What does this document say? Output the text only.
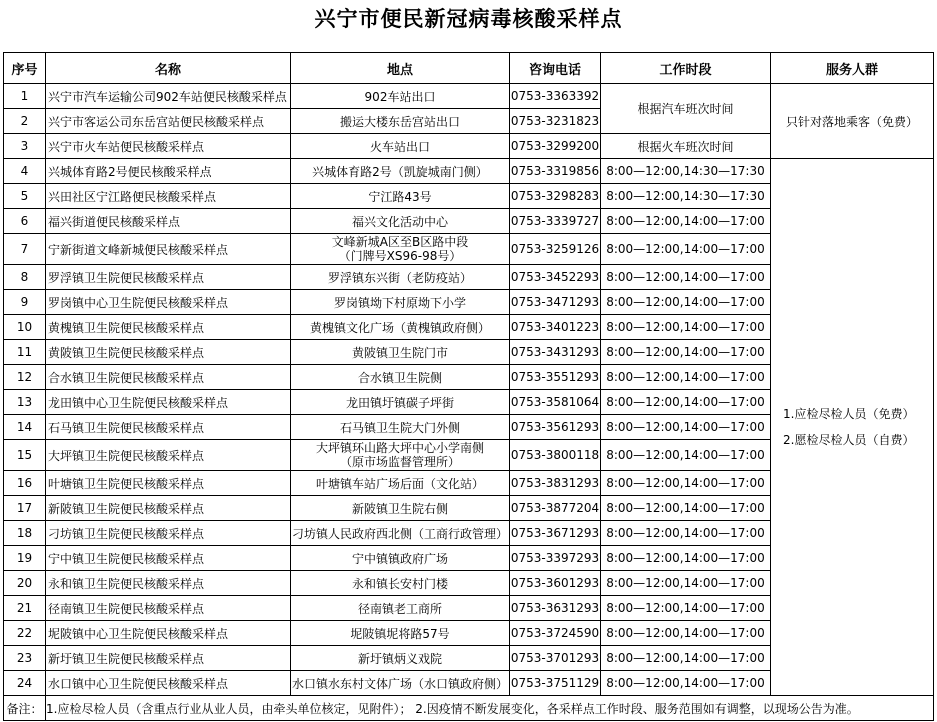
兴宁市便民新冠病毒核酸采样点
序号	名称	地点	咨询电话	工作时段	服务人群
1	兴宁市汽车运输公司902车站便民核酸采样点	902车站出口	0753-3363392	根据汽车班次时间	只针对落地乘客（免费）
2	兴宁市客运公司东岳宫站便民核酸采样点	搬运大楼东岳宫站出口	0753-3231823		
3	兴宁市火车站便民核酸采样点	火车站出口	0753-3299200	根据火车班次时间	
4	兴城体育路2号便民核酸采样点	兴城体育路2号（凯旋城南门侧）	0753-3319856	8:00—12:00,14:30—17:30	1.应检尽检人员（免费）
2.愿检尽检人员（自费）

5	兴田社区宁江路便民核酸采样点	宁江路43号	0753-3298283	8:00—12:00,14:30—17:30	
6	福兴街道便民核酸采样点	福兴文化活动中心	0753-3339727	8:00—12:00,14:00—17:00	
7	宁新街道文峰新城便民核酸采样点	文峰新城A区至B区路中段
（门牌号XS96-98号）	0753-3259126	8:00—12:00,14:00—17:00	
8	罗浮镇卫生院便民核酸采样点	罗浮镇东兴街（老防疫站）	0753-3452293	8:00—12:00,14:00—17:00	
9	罗岗镇中心卫生院便民核酸采样点	罗岗镇坳下村原坳下小学	0753-3471293	8:00—12:00,14:00—17:00	
10	黄槐镇卫生院便民核酸采样点	黄槐镇文化广场（黄槐镇政府侧）	0753-3401223	8:00—12:00,14:00—17:00	
11	黄陂镇卫生院便民核酸采样点	黄陂镇卫生院门市	0753-3431293	8:00—12:00,14:00—17:00	
12	合水镇卫生院便民核酸采样点	合水镇卫生院侧	0753-3551293	8:00—12:00,14:00—17:00	
13	龙田镇中心卫生院便民核酸采样点	龙田镇圩镇碳子坪街	0753-3581064	8:00—12:00,14:00—17:00	
14	石马镇卫生院便民核酸采样点	石马镇卫生院大门外侧	0753-3561293	8:00—12:00,14:00—17:00	
15	大坪镇卫生院便民核酸采样点	大坪镇环山路大坪中心小学南侧
（原市场监督管理所）	0753-3800118	8:00—12:00,14:00—17:00	
16	叶塘镇卫生院便民核酸采样点	叶塘镇车站广场后面（文化站）	0753-3831293	8:00—12:00,14:00—17:00	
17	新陂镇卫生院便民核酸采样点	新陂镇卫生院右侧	0753-3877204	8:00—12:00,14:00—17:00	
18	刁坊镇卫生院便民核酸采样点	刁坊镇人民政府西北侧（工商行政管理）	0753-3671293	8:00—12:00,14:00—17:00	
19	宁中镇卫生院便民核酸采样点	宁中镇镇政府广场	0753-3397293	8:00—12:00,14:00—17:00	
20	永和镇卫生院便民核酸采样点	永和镇长安村门楼	0753-3601293	8:00—12:00,14:00—17:00	
21	径南镇卫生院便民核酸采样点	径南镇老工商所	0753-3631293	8:00—12:00,14:00—17:00	
22	坭陂镇中心卫生院便民核酸采样点	坭陂镇坭将路57号	0753-3724590	8:00—12:00,14:00—17:00	
23	新圩镇卫生院便民核酸采样点	新圩镇炳义戏院	0753-3701293	8:00—12:00,14:00—17:00	
24	水口镇中心卫生院便民核酸采样点	水口镇水东村文体广场（水口镇政府侧）	0753-3751129	8:00—12:00,14:00—17:00	
备注：	1.应检尽检人员（含重点行业从业人员，由牵头单位核定，见附件）； 2.因疫情不断发展变化，各采样点工作时段、服务范围如有调整，以现场公告为准。				
